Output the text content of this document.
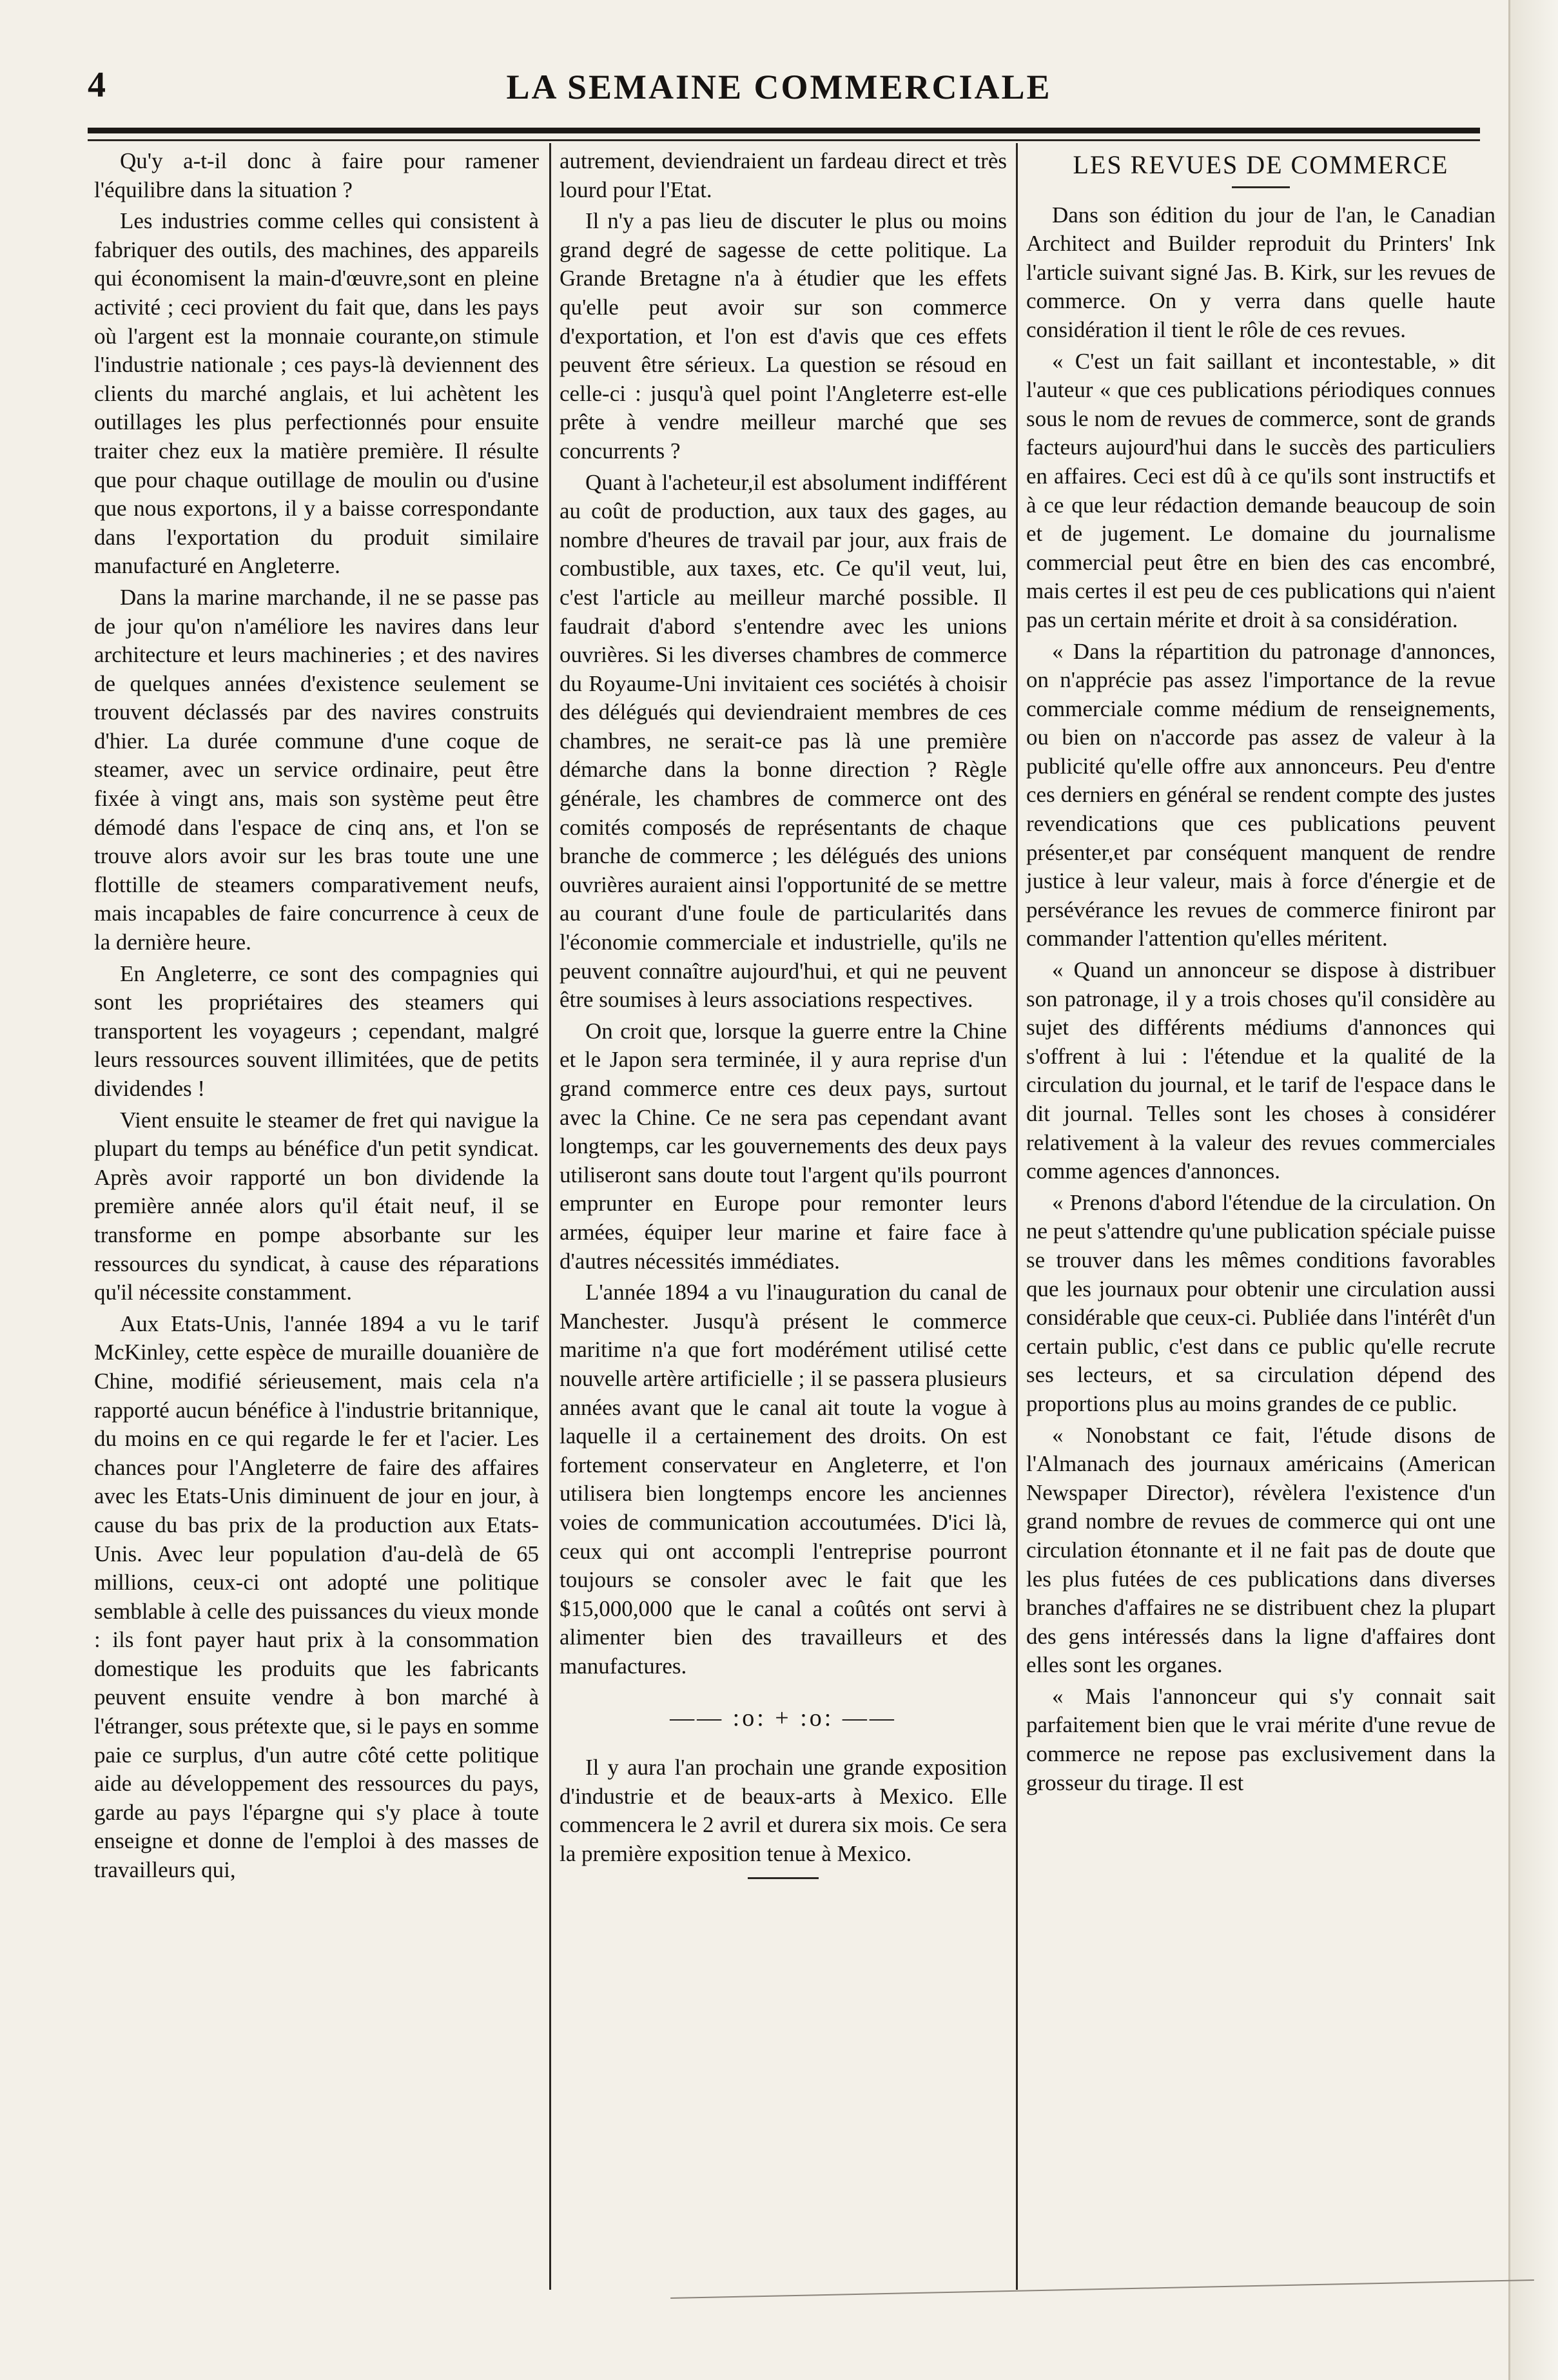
4	LA SEMAINE COMMERCIALE

Qu'y a-t-il donc à faire pour ramener l'équilibre dans la situation ?

Les industries comme celles qui consistent à fabriquer des outils, des machines, des appareils qui économisent la main-d'œuvre,sont en pleine activité ; ceci provient du fait que, dans les pays où l'argent est la monnaie courante,on stimule l'industrie nationale ; ces pays-là deviennent des clients du marché anglais, et lui achètent les outillages les plus perfectionnés pour ensuite traiter chez eux la matière première. Il résulte que pour chaque outillage de moulin ou d'usine que nous exportons, il y a baisse correspondante dans l'exportation du produit similaire manufacturé en Angleterre.

Dans la marine marchande, il ne se passe pas de jour qu'on n'améliore les navires dans leur architecture et leurs machineries ; et des navires de quelques années d'existence seulement se trouvent déclassés par des navires construits d'hier. La durée commune d'une coque de steamer, avec un service ordinaire, peut être fixée à vingt ans, mais son système peut être démodé dans l'espace de cinq ans, et l'on se trouve alors avoir sur les bras toute une une flottille de steamers comparativement neufs, mais incapables de faire concurrence à ceux de la dernière heure.

En Angleterre, ce sont des compagnies qui sont les propriétaires des steamers qui transportent les voyageurs ; cependant, malgré leurs ressources souvent illimitées, que de petits dividendes !

Vient ensuite le steamer de fret qui navigue la plupart du temps au bénéfice d'un petit syndicat. Après avoir rapporté un bon dividende la première année alors qu'il était neuf, il se transforme en pompe absorbante sur les ressources du syndicat, à cause des réparations qu'il nécessite constamment.

Aux Etats-Unis, l'année 1894 a vu le tarif McKinley, cette espèce de muraille douanière de Chine, modifié sérieusement, mais cela n'a rapporté aucun bénéfice à l'industrie britannique, du moins en ce qui regarde le fer et l'acier. Les chances pour l'Angleterre de faire des affaires avec les Etats-Unis diminuent de jour en jour, à cause du bas prix de la production aux Etats-Unis. Avec leur population d'au-delà de 65 millions, ceux-ci ont adopté une politique semblable à celle des puissances du vieux monde : ils font payer haut prix à la consommation domestique les produits que les fabricants peuvent ensuite vendre à bon marché à l'étranger, sous prétexte que, si le pays en somme paie ce surplus, d'un autre côté cette politique aide au développement des ressources du pays, garde au pays l'épargne qui s'y place à toute enseigne et donne de l'emploi à des masses de travailleurs qui,

autrement, deviendraient un fardeau direct et très lourd pour l'Etat.

Il n'y a pas lieu de discuter le plus ou moins grand degré de sagesse de cette politique. La Grande Bretagne n'a à étudier que les effets qu'elle peut avoir sur son commerce d'exportation, et l'on est d'avis que ces effets peuvent être sérieux. La question se résoud en celle-ci : jusqu'à quel point l'Angleterre est-elle prête à vendre meilleur marché que ses concurrents ?

Quant à l'acheteur,il est absolument indifférent au coût de production, aux taux des gages, au nombre d'heures de travail par jour, aux frais de combustible, aux taxes, etc. Ce qu'il veut, lui, c'est l'article au meilleur marché possible. Il faudrait d'abord s'entendre avec les unions ouvrières. Si les diverses chambres de commerce du Royaume-Uni invitaient ces sociétés à choisir des délégués qui deviendraient membres de ces chambres, ne serait-ce pas là une première démarche dans la bonne direction ? Règle générale, les chambres de commerce ont des comités composés de représentants de chaque branche de commerce ; les délégués des unions ouvrières auraient ainsi l'opportunité de se mettre au courant d'une foule de particularités dans l'économie commerciale et industrielle, qu'ils ne peuvent connaître aujourd'hui, et qui ne peuvent être soumises à leurs associations respectives.

On croit que, lorsque la guerre entre la Chine et le Japon sera terminée, il y aura reprise d'un grand commerce entre ces deux pays, surtout avec la Chine. Ce ne sera pas cependant avant longtemps, car les gouvernements des deux pays utiliseront sans doute tout l'argent qu'ils pourront emprunter en Europe pour remonter leurs armées, équiper leur marine et faire face à d'autres nécessités immédiates.

L'année 1894 a vu l'inauguration du canal de Manchester. Jusqu'à présent le commerce maritime n'a que fort modérément utilisé cette nouvelle artère artificielle ; il se passera plusieurs années avant que le canal ait toute la vogue à laquelle il a certainement des droits. On est fortement conservateur en Angleterre, et l'on utilisera bien longtemps encore les anciennes voies de communication accoutumées. D'ici là, ceux qui ont accompli l'entreprise pourront toujours se consoler avec le fait que les $15,000,000 que le canal a coûtés ont servi à alimenter bien des travailleurs et des manufactures.

—— :o: + :o: ——

Il y aura l'an prochain une grande exposition d'industrie et de beaux-arts à Mexico. Elle commencera le 2 avril et durera six mois. Ce sera la première exposition tenue à Mexico.

LES REVUES DE COMMERCE

Dans son édition du jour de l'an, le Canadian Architect and Builder reproduit du Printers' Ink l'article suivant signé Jas. B. Kirk, sur les revues de commerce. On y verra dans quelle haute considération il tient le rôle de ces revues.

« C'est un fait saillant et incontestable, » dit l'auteur « que ces publications périodiques connues sous le nom de revues de commerce, sont de grands facteurs aujourd'hui dans le succès des particuliers en affaires. Ceci est dû à ce qu'ils sont instructifs et à ce que leur rédaction demande beaucoup de soin et de jugement. Le domaine du journalisme commercial peut être en bien des cas encombré, mais certes il est peu de ces publications qui n'aient pas un certain mérite et droit à sa considération.

« Dans la répartition du patronage d'annonces, on n'apprécie pas assez l'importance de la revue commerciale comme médium de renseignements, ou bien on n'accorde pas assez de valeur à la publicité qu'elle offre aux annonceurs. Peu d'entre ces derniers en général se rendent compte des justes revendications que ces publications peuvent présenter,et par conséquent manquent de rendre justice à leur valeur, mais à force d'énergie et de persévérance les revues de commerce finiront par commander l'attention qu'elles méritent.

« Quand un annonceur se dispose à distribuer son patronage, il y a trois choses qu'il considère au sujet des différents médiums d'annonces qui s'offrent à lui : l'étendue et la qualité de la circulation du journal, et le tarif de l'espace dans le dit journal. Telles sont les choses à considérer relativement à la valeur des revues commerciales comme agences d'annonces.

« Prenons d'abord l'étendue de la circulation. On ne peut s'attendre qu'une publication spéciale puisse se trouver dans les mêmes conditions favorables que les journaux pour obtenir une circulation aussi considérable que ceux-ci. Publiée dans l'intérêt d'un certain public, c'est dans ce public qu'elle recrute ses lecteurs, et sa circulation dépend des proportions plus au moins grandes de ce public.

« Nonobstant ce fait, l'étude disons de l'Almanach des journaux américains (American Newspaper Director), révèlera l'existence d'un grand nombre de revues de commerce qui ont une circulation étonnante et il ne fait pas de doute que les plus futées de ces publications dans diverses branches d'affaires ne se distribuent chez la plupart des gens intéressés dans la ligne d'affaires dont elles sont les organes.

« Mais l'annonceur qui s'y connait sait parfaitement bien que le vrai mérite d'une revue de commerce ne repose pas exclusivement dans la grosseur du tirage. Il est
